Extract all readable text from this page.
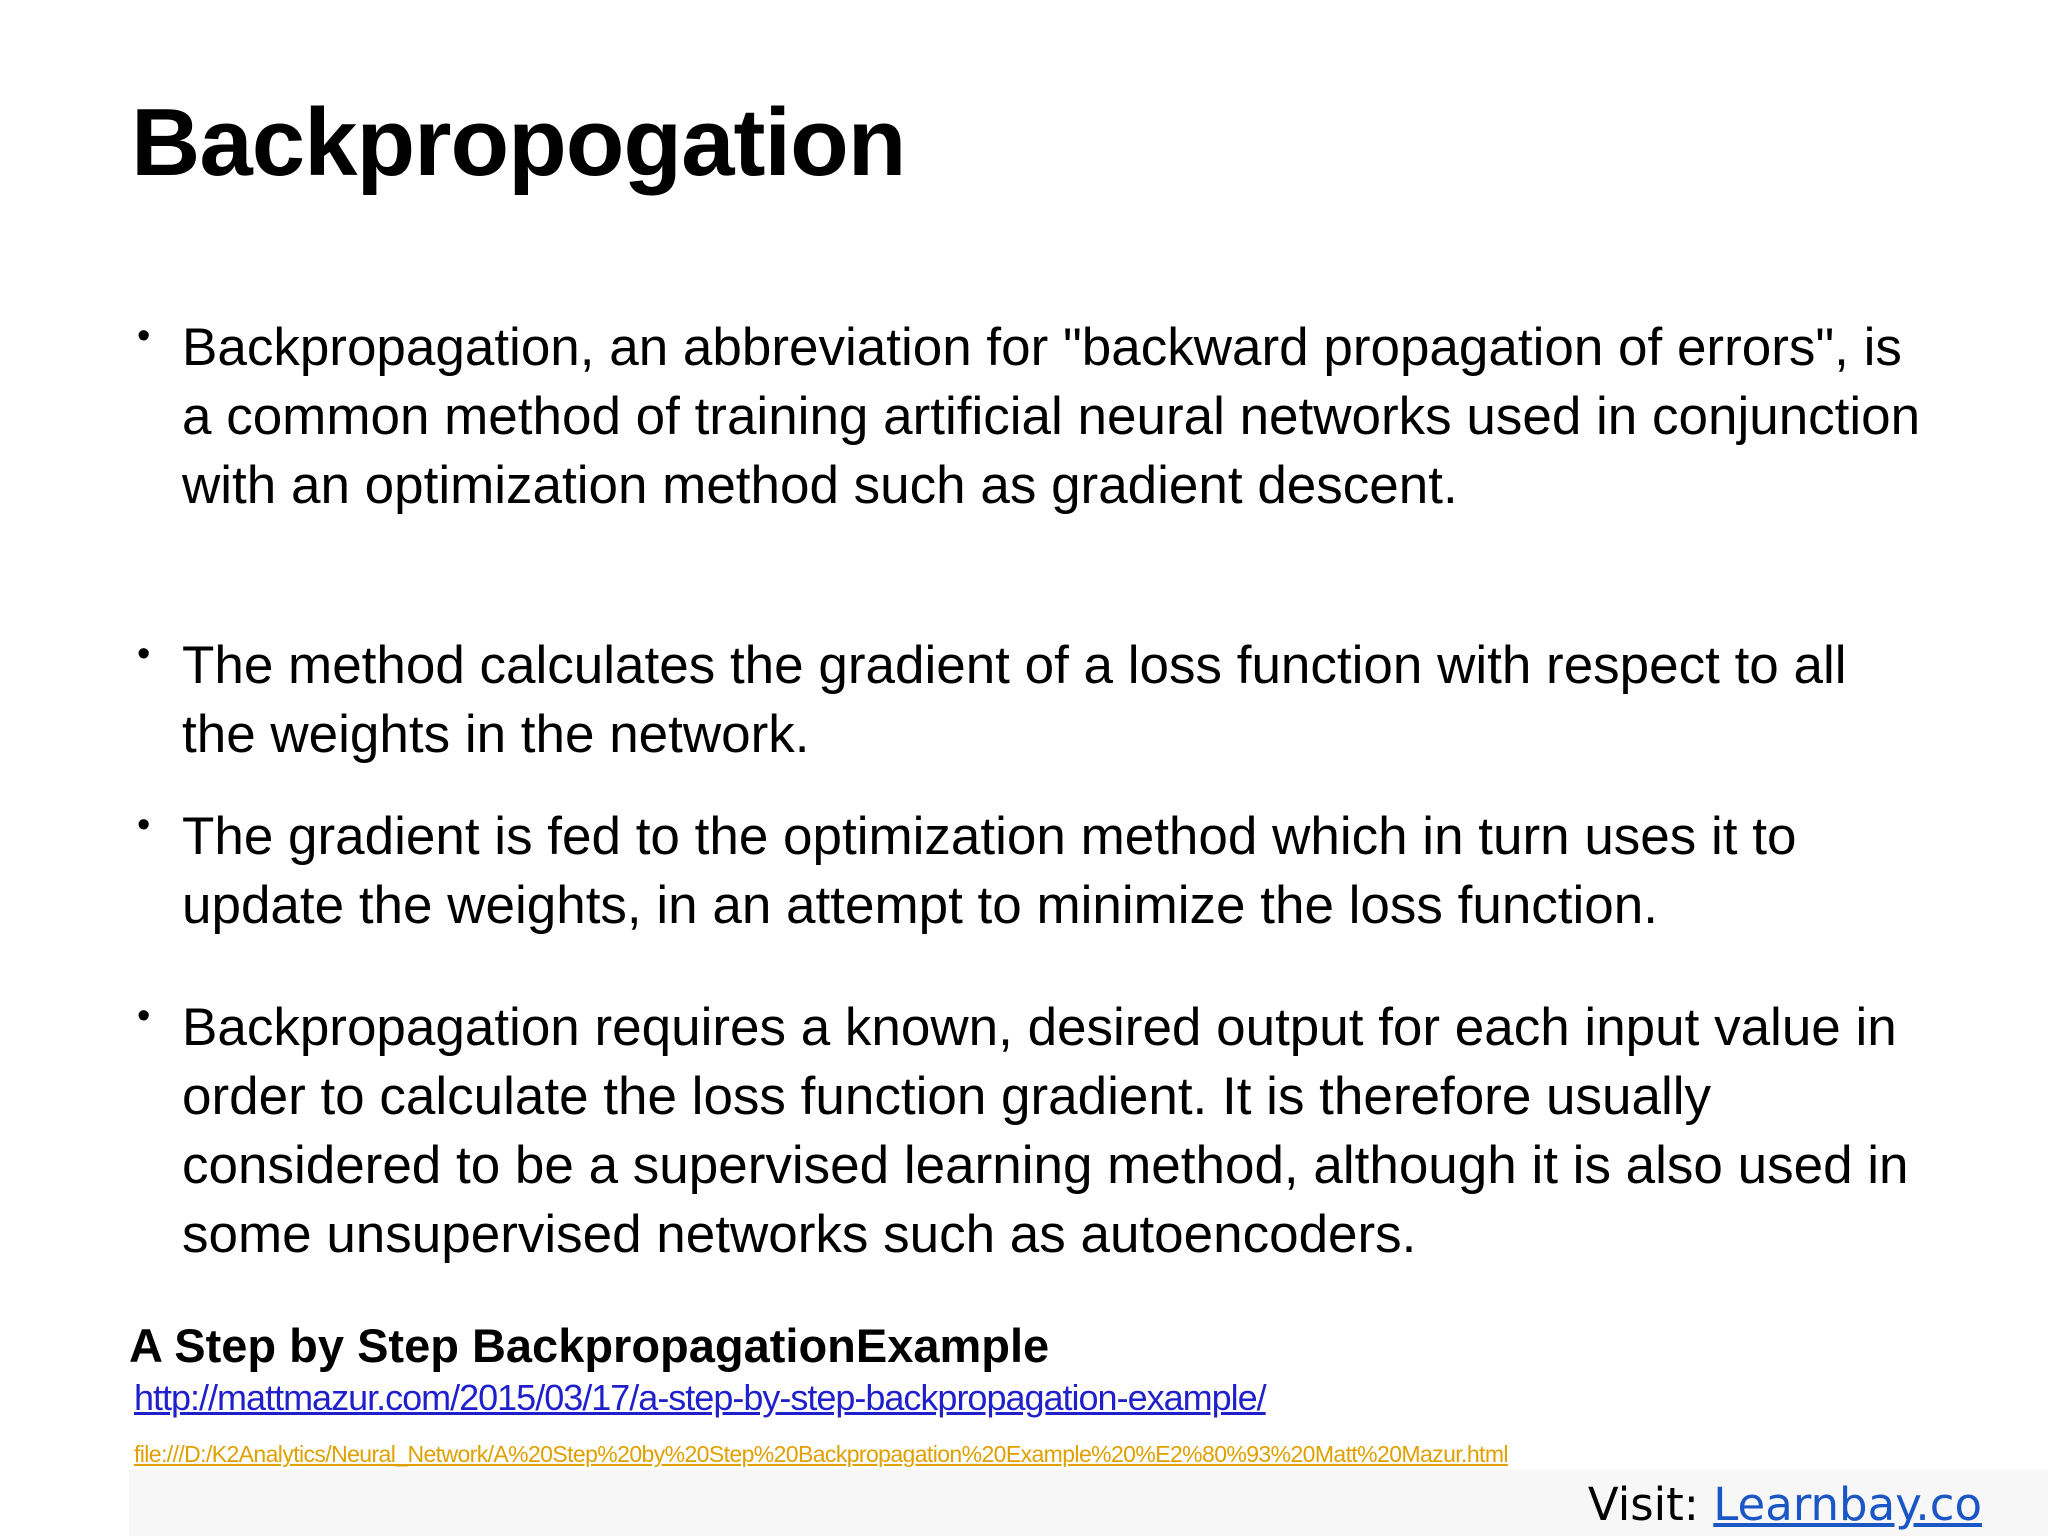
Backpropogation
• Backpropagation, an abbreviation for "backward propagation of errors", is a common method of training artificial neural networks used in conjunction with an optimization method such as gradient descent.
• The method calculates the gradient of a loss function with respect to all the weights in the network.
• The gradient is fed to the optimization method which in turn uses it to update the weights, in an attempt to minimize the loss function.
• Backpropagation requires a known, desired output for each input value in order to calculate the loss function gradient. It is therefore usually considered to be a supervised learning method, although it is also used in some unsupervised networks such as autoencoders.
A Step by Step BackpropagationExample
http://mattmazur.com/2015/03/17/a-step-by-step-backpropagation-example/
file:///D:/K2Analytics/Neural_Network/A%20Step%20by%20Step%20Backpropagation%20Example%20%E2%80%93%20Matt%20Mazur.html
Visit: Learnbay.co
